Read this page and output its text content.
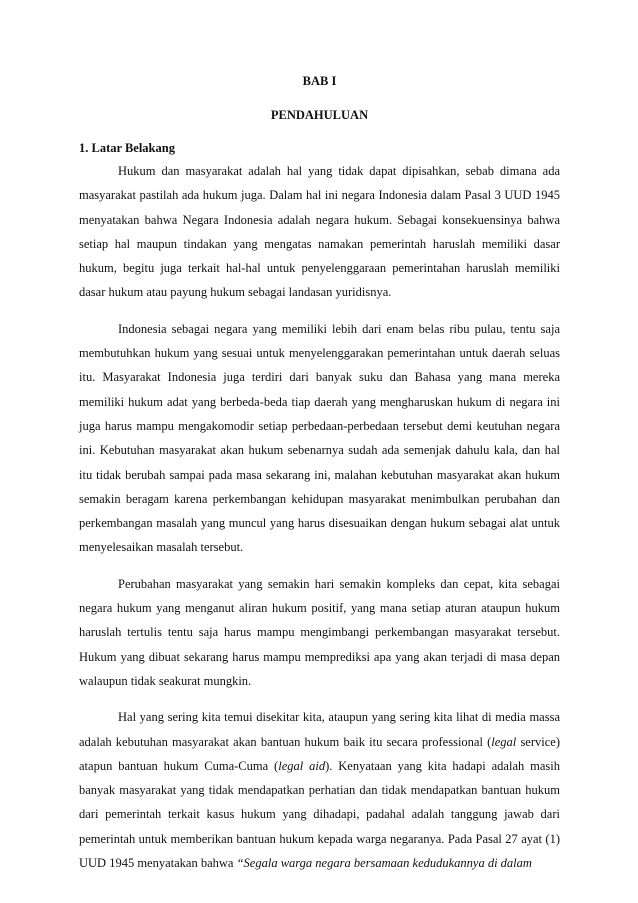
BAB I
PENDAHULUAN
1. Latar Belakang

Hukum dan masyarakat adalah hal yang tidak dapat dipisahkan, sebab dimana ada masyarakat pastilah ada hukum juga. Dalam hal ini negara Indonesia dalam Pasal 3 UUD 1945 menyatakan bahwa Negara Indonesia adalah negara hukum. Sebagai konsekuensinya bahwa setiap hal maupun tindakan yang mengatas namakan pemerintah haruslah memiliki dasar hukum, begitu juga terkait hal-hal untuk penyelenggaraan pemerintahan haruslah memiliki dasar hukum atau payung hukum sebagai landasan yuridisnya.

Indonesia sebagai negara yang memiliki lebih dari enam belas ribu pulau, tentu saja membutuhkan hukum yang sesuai untuk menyelenggarakan pemerintahan untuk daerah seluas itu. Masyarakat Indonesia juga terdiri dari banyak suku dan Bahasa yang mana mereka memiliki hukum adat yang berbeda-beda tiap daerah yang mengharuskan hukum di negara ini juga harus mampu mengakomodir setiap perbedaan-perbedaan tersebut demi keutuhan negara ini. Kebutuhan masyarakat akan hukum sebenarnya sudah ada semenjak dahulu kala, dan hal itu tidak berubah sampai pada masa sekarang ini, malahan kebutuhan masyarakat akan hukum semakin beragam karena perkembangan kehidupan masyarakat menimbulkan perubahan dan perkembangan masalah yang muncul yang harus disesuaikan dengan hukum sebagai alat untuk menyelesaikan masalah tersebut.

Perubahan masyarakat yang semakin hari semakin kompleks dan cepat, kita sebagai negara hukum yang menganut aliran hukum positif, yang mana setiap aturan ataupun hukum haruslah tertulis tentu saja harus mampu mengimbangi perkembangan masyarakat tersebut. Hukum yang dibuat sekarang harus mampu memprediksi apa yang akan terjadi di masa depan walaupun tidak seakurat mungkin.

Hal yang sering kita temui disekitar kita, ataupun yang sering kita lihat di media massa adalah kebutuhan masyarakat akan bantuan hukum baik itu secara professional (legal service) atapun bantuan hukum Cuma-Cuma (legal aid). Kenyataan yang kita hadapi adalah masih banyak masyarakat yang tidak mendapatkan perhatian dan tidak mendapatkan bantuan hukum dari pemerintah terkait kasus hukum yang dihadapi, padahal adalah tanggung jawab dari pemerintah untuk memberikan bantuan hukum kepada warga negaranya. Pada Pasal 27 ayat (1) UUD 1945 menyatakan bahwa “Segala warga negara bersamaan kedudukannya di dalam
